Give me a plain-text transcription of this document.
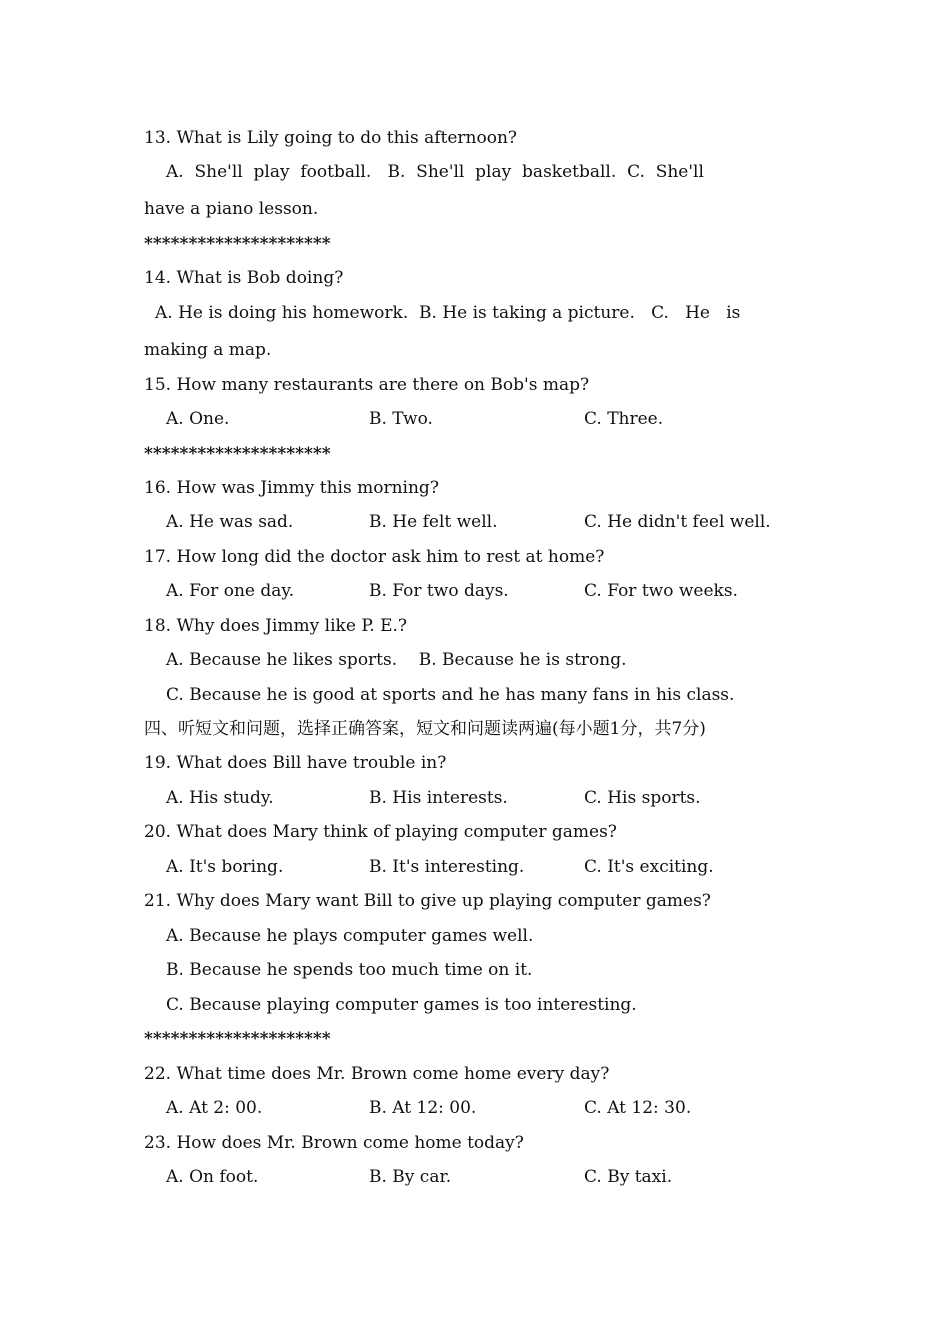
13. What is Lily going to do this afternoon?
A.  She'll  play  football.   B.  She'll  play  basketball.  C.  She'll
have a piano lesson.
*********************
14. What is Bob doing?
A. He is doing his homework.  B. He is taking a picture.   C.   He   is
making a map.
15. How many restaurants are there on Bob's map?
A. One.	B. Two.	C. Three.
*********************
16. How was Jimmy this morning?
A. He was sad.	B. He felt well.	C. He didn't feel well.
17. How long did the doctor ask him to rest at home?
A. For one day.	B. For two days.	C. For two weeks.
18. Why does Jimmy like P. E.?
A. Because he likes sports.    B. Because he is strong.
C. Because he is good at sports and he has many fans in his class.
四、听短文和问题，选择正确答案，短文和问题读两遍(每小题1分，共7分)
19. What does Bill have trouble in?
A. His study.	B. His interests.	C. His sports.
20. What does Mary think of playing computer games?
A. It's boring.	B. It's interesting.	C. It's exciting.
21. Why does Mary want Bill to give up playing computer games?
A. Because he plays computer games well.
B. Because he spends too much time on it.
C. Because playing computer games is too interesting.
*********************
22. What time does Mr. Brown come home every day?
A. At 2: 00.	B. At 12: 00.	C. At 12: 30.
23. How does Mr. Brown come home today?
A. On foot.	B. By car.	C. By taxi.
